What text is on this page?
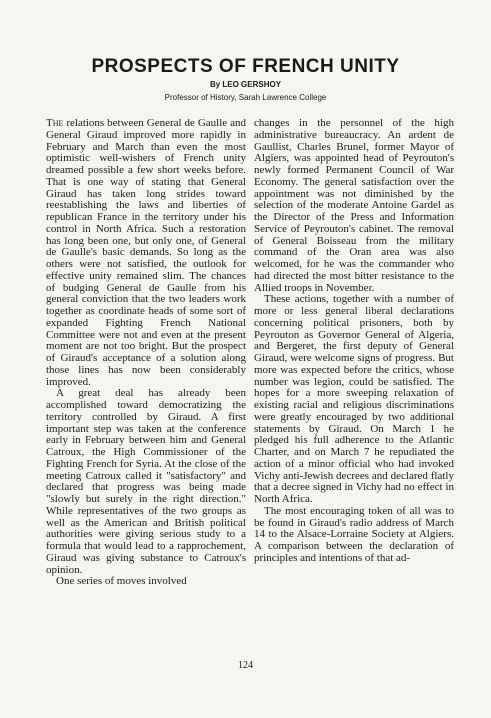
PROSPECTS OF FRENCH UNITY
By LEO GERSHOY
Professor of History, Sarah Lawrence College

The relations between General de Gaulle and General Giraud improved more rapidly in February and March than even the most optimistic well-wishers of French unity dreamed possible a few short weeks before. That is one way of stating that General Giraud has taken long strides toward reestablishing the laws and liberties of republican France in the territory under his control in North Africa. Such a restoration has long been one, but only one, of General de Gaulle's basic demands. So long as the others were not satisfied, the outlook for effective unity remained slim. The chances of budging General de Gaulle from his general conviction that the two leaders work together as coordinate heads of some sort of expanded Fighting French National Committee were not and even at the present moment are not too bright. But the prospect of Giraud's acceptance of a solution along those lines has now been considerably improved.

A great deal has already been accomplished toward democratizing the territory controlled by Giraud. A first important step was taken at the conference early in February between him and General Catroux, the High Commissioner of the Fighting French for Syria. At the close of the meeting Catroux called it "satisfactory" and declared that progress was being made "slowly but surely in the right direction." While representatives of the two groups as well as the American and British political authorities were giving serious study to a formula that would lead to a rapprochement, Giraud was giving substance to Catroux's opinion.

One series of moves involved

changes in the personnel of the high administrative bureaucracy. An ardent de Gaullist, Charles Brunel, former Mayor of Algiers, was appointed head of Peyrouton's newly formed Permanent Council of War Economy. The general satisfaction over the appointment was not diminished by the selection of the moderate Antoine Gardel as the Director of the Press and Information Service of Peyrouton's cabinet. The removal of General Boisseau from the military command of the Oran area was also welcomed, for he was the commander who had directed the most bitter resistance to the Allied troops in November.

These actions, together with a number of more or less general liberal declarations concerning political prisoners, both by Peyrouton as Governor General of Algeria, and Bergeret, the first deputy of General Giraud, were welcome signs of progress. But more was expected before the critics, whose number was legion, could be satisfied. The hopes for a more sweeping relaxation of existing racial and religious discriminations were greatly encouraged by two additional statements by Giraud. On March 1 he pledged his full adherence to the Atlantic Charter, and on March 7 he repudiated the action of a minor official who had invoked Vichy anti-Jewish decrees and declared flatly that a decree signed in Vichy had no effect in North Africa.

The most encouraging token of all was to be found in Giraud's radio address of March 14 to the Alsace-Lorraine Society at Algiers. A comparison between the declaration of principles and intentions of that ad-

124
